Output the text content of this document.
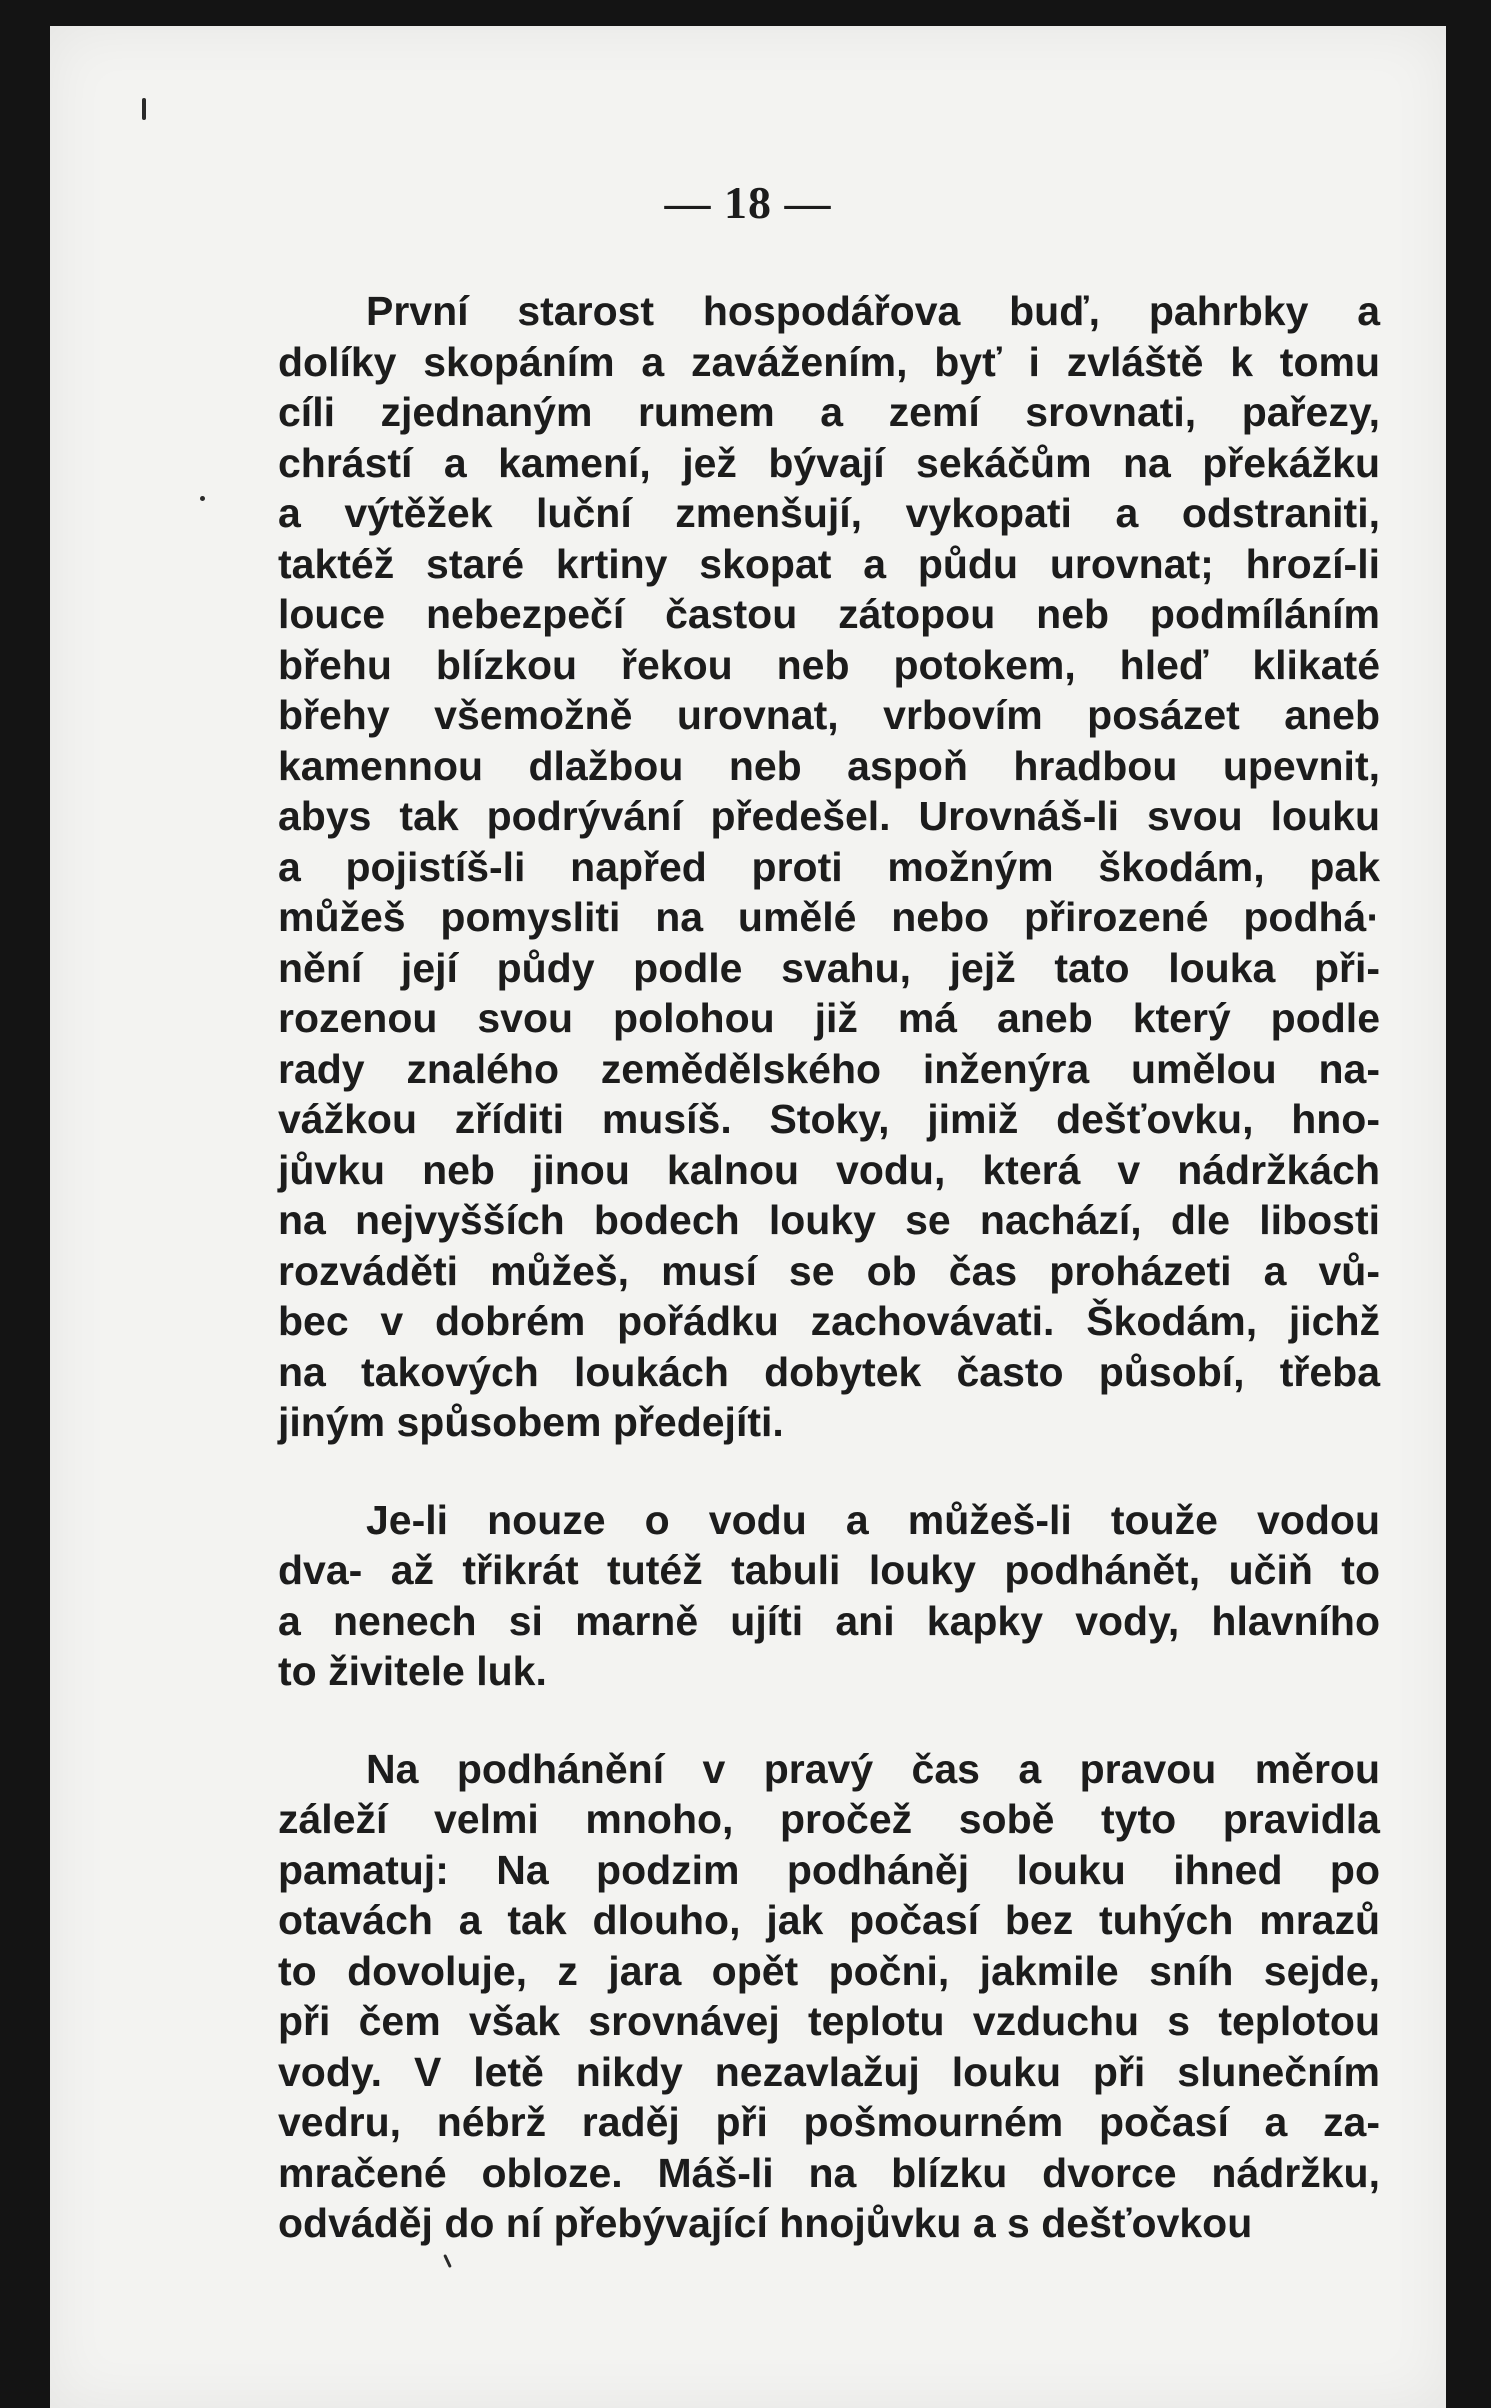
— 18 —
První starost hospodářova buď, pahrbky a
dolíky skopáním a zavážením, byť i zvláště k tomu
cíli zjednaným rumem a zemí srovnati, pařezy,
chrástí a kamení, jež bývají sekáčům na překážku
a výtěžek luční zmenšují, vykopati a odstraniti,
taktéž staré krtiny skopat a půdu urovnat; hrozí-li
louce nebezpečí častou zátopou neb podmíláním
břehu blízkou řekou neb potokem, hleď klikaté
břehy všemožně urovnat, vrbovím posázet aneb
kamennou dlažbou neb aspoň hradbou upevnit,
abys tak podrývání předešel. Urovnáš-li svou louku
a pojistíš-li napřed proti možným škodám, pak
můžeš pomysliti na umělé nebo přirozené podhá·
nění její půdy podle svahu, jejž tato louka při-
rozenou svou polohou již má aneb který podle
rady znalého zemědělského inženýra umělou na-
vážkou zříditi musíš. Stoky, jimiž dešťovku, hno-
jůvku neb jinou kalnou vodu, která v nádržkách
na nejvyšších bodech louky se nachází, dle libosti
rozváděti můžeš, musí se ob čas proházeti a vů-
bec v dobrém pořádku zachovávati. Škodám, jichž
na takových loukách dobytek často působí, třeba
jiným spůsobem předejíti.
Je-li nouze o vodu a můžeš-li touže vodou
dva- až třikrát tutéž tabuli louky podhánět, učiň to
a nenech si marně ujíti ani kapky vody, hlavního
to živitele luk.
Na podhánění v pravý čas a pravou měrou
záleží velmi mnoho, pročež sobě tyto pravidla
pamatuj: Na podzim podháněj louku ihned po
otavách a tak dlouho, jak počasí bez tuhých mrazů
to dovoluje, z jara opět počni, jakmile sníh sejde,
při čem však srovnávej teplotu vzduchu s teplotou
vody. V letě nikdy nezavlažuj louku při slunečním
vedru, nébrž raděj při pošmourném počasí a za-
mračené obloze. Máš-li na blízku dvorce nádržku,
odváděj do ní přebývající hnojůvku a s dešťovkou
